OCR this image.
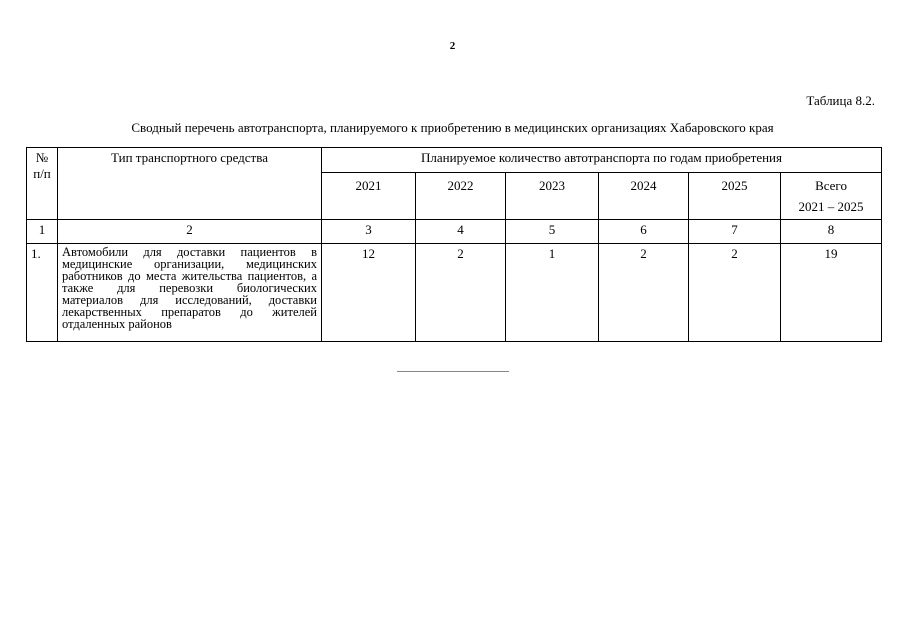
2
Таблица 8.2.
Сводный перечень автотранспорта, планируемого к приобретению в медицинских организациях Хабаровского края
№ п/п	Тип транспортного средства	Планируемое количество автотранспорта по годам приобретения					
		2021	2022	2023	2024	2025	Всего
2021 – 2025
1	2	3	4	5	6	7	8
1.	Автомобили для доставки пациентов в медицинские организации, медицинских работников до места жительства пациентов, а также для перевозки биологических материалов для исследований, доставки лекарственных препаратов до жителей отдаленных районов	12	2	1	2	2	19
